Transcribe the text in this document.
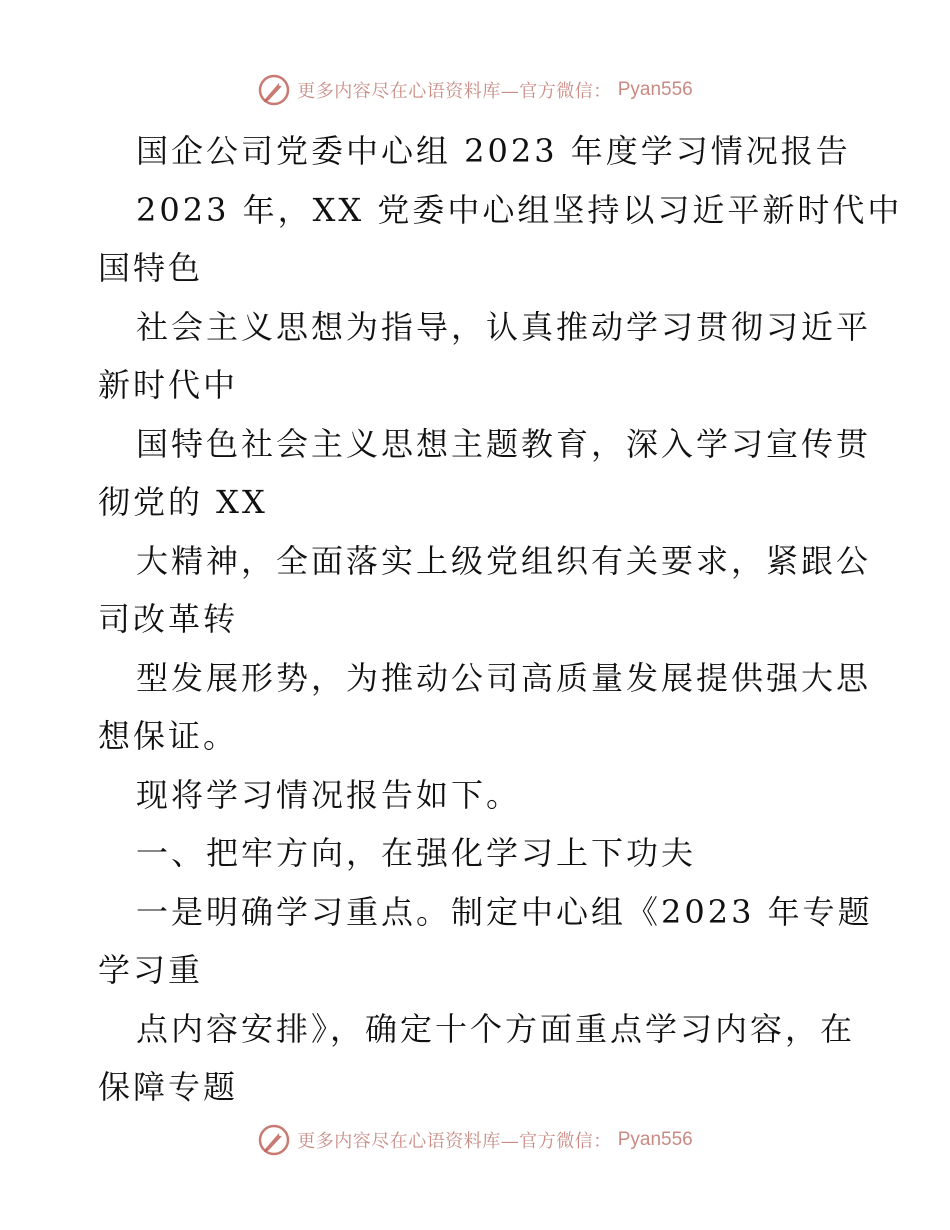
更多内容尽在心语资料库—官方微信： Pyan556
国企公司党委中心组 2023 年度学习情况报告
2023 年，XX 党委中心组坚持以习近平新时代中
国特色
社会主义思想为指导，认真推动学习贯彻习近平
新时代中
国特色社会主义思想主题教育，深入学习宣传贯
彻党的 XX
大精神，全面落实上级党组织有关要求，紧跟公
司改革转
型发展形势，为推动公司高质量发展提供强大思
想保证。
现将学习情况报告如下。
一、把牢方向，在强化学习上下功夫
一是明确学习重点。制定中心组《2023 年专题
学习重
点内容安排》，确定十个方面重点学习内容，在
保障专题
更多内容尽在心语资料库—官方微信： Pyan556
